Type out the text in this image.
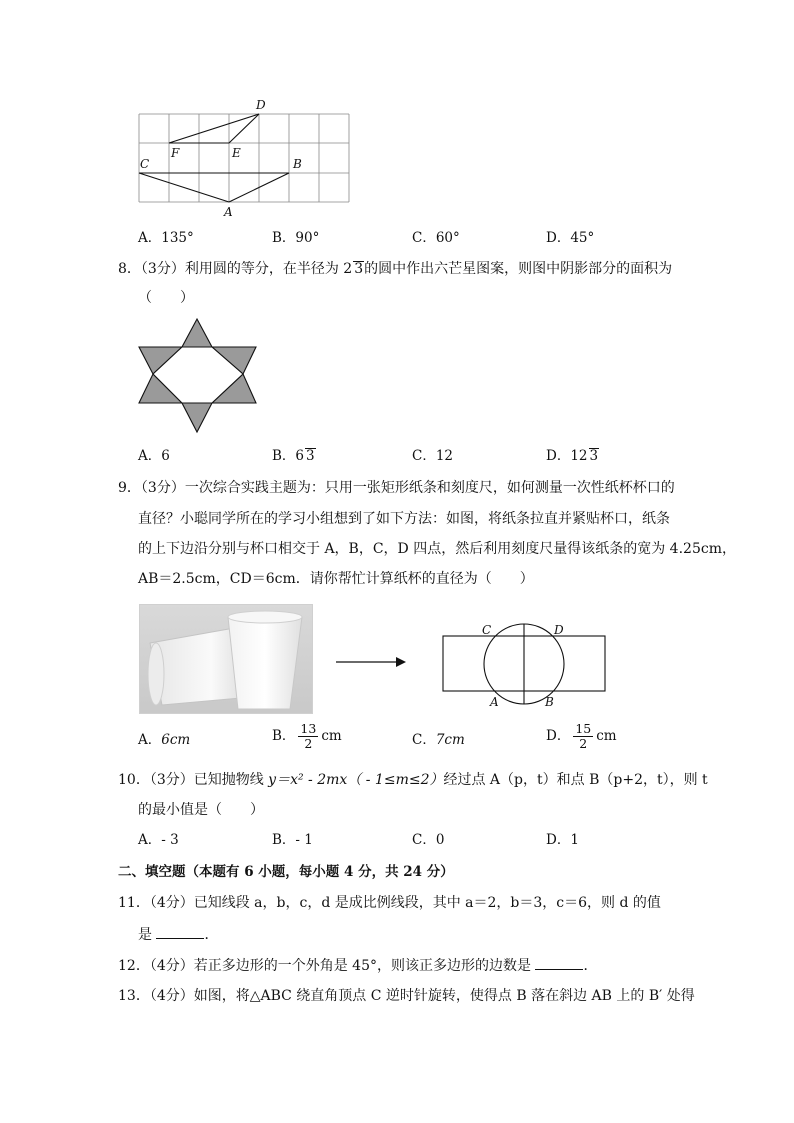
D
F	E
C	B
A
A．135°	B．90°	C．60°	D．45°
8．（3分）利用圆的等分，在半径为 2 3的圆中作出六芒星图案，则图中阴影部分的面积为
（　　）
A．6	B．6 3	C．12	D．12 3
9．（3分）一次综合实践主题为：只用一张矩形纸条和刻度尺，如何测量一次性纸杯杯口的
直径？小聪同学所在的学习小组想到了如下方法：如图，将纸条拉直并紧贴杯口，纸条
的上下边沿分别与杯口相交于 A，B，C，D 四点，然后利用刻度尺量得该纸条的宽为 4.25cm，
AB＝2.5cm，CD＝6cm．请你帮忙计算纸杯的直径为（　　）
C	D
A	B
A．6cm	B． $\frac{13}{2}$ cm	C．7cm	D． $\frac{15}{2}$ cm
10．（3分）已知抛物线 y＝x² - 2mx（ - 1≤m≤2）经过点 A（p，t）和点 B（p+2，t），则 t
的最小值是（　　）
A．- 3	B．- 1	C．0	D．1
二、填空题（本题有 6 小题，每小题 4 分，共 24 分）
11．（4分）已知线段 a，b，c，d 是成比例线段，其中 a＝2，b＝3，c＝6，则 d 的值
是	．
12．（4分）若正多边形的一个外角是 45°，则该正多边形的边数是	．
13．（4分）如图，将△ABC 绕直角顶点 C 逆时针旋转，使得点 B 落在斜边 AB 上的 B′ 处得
